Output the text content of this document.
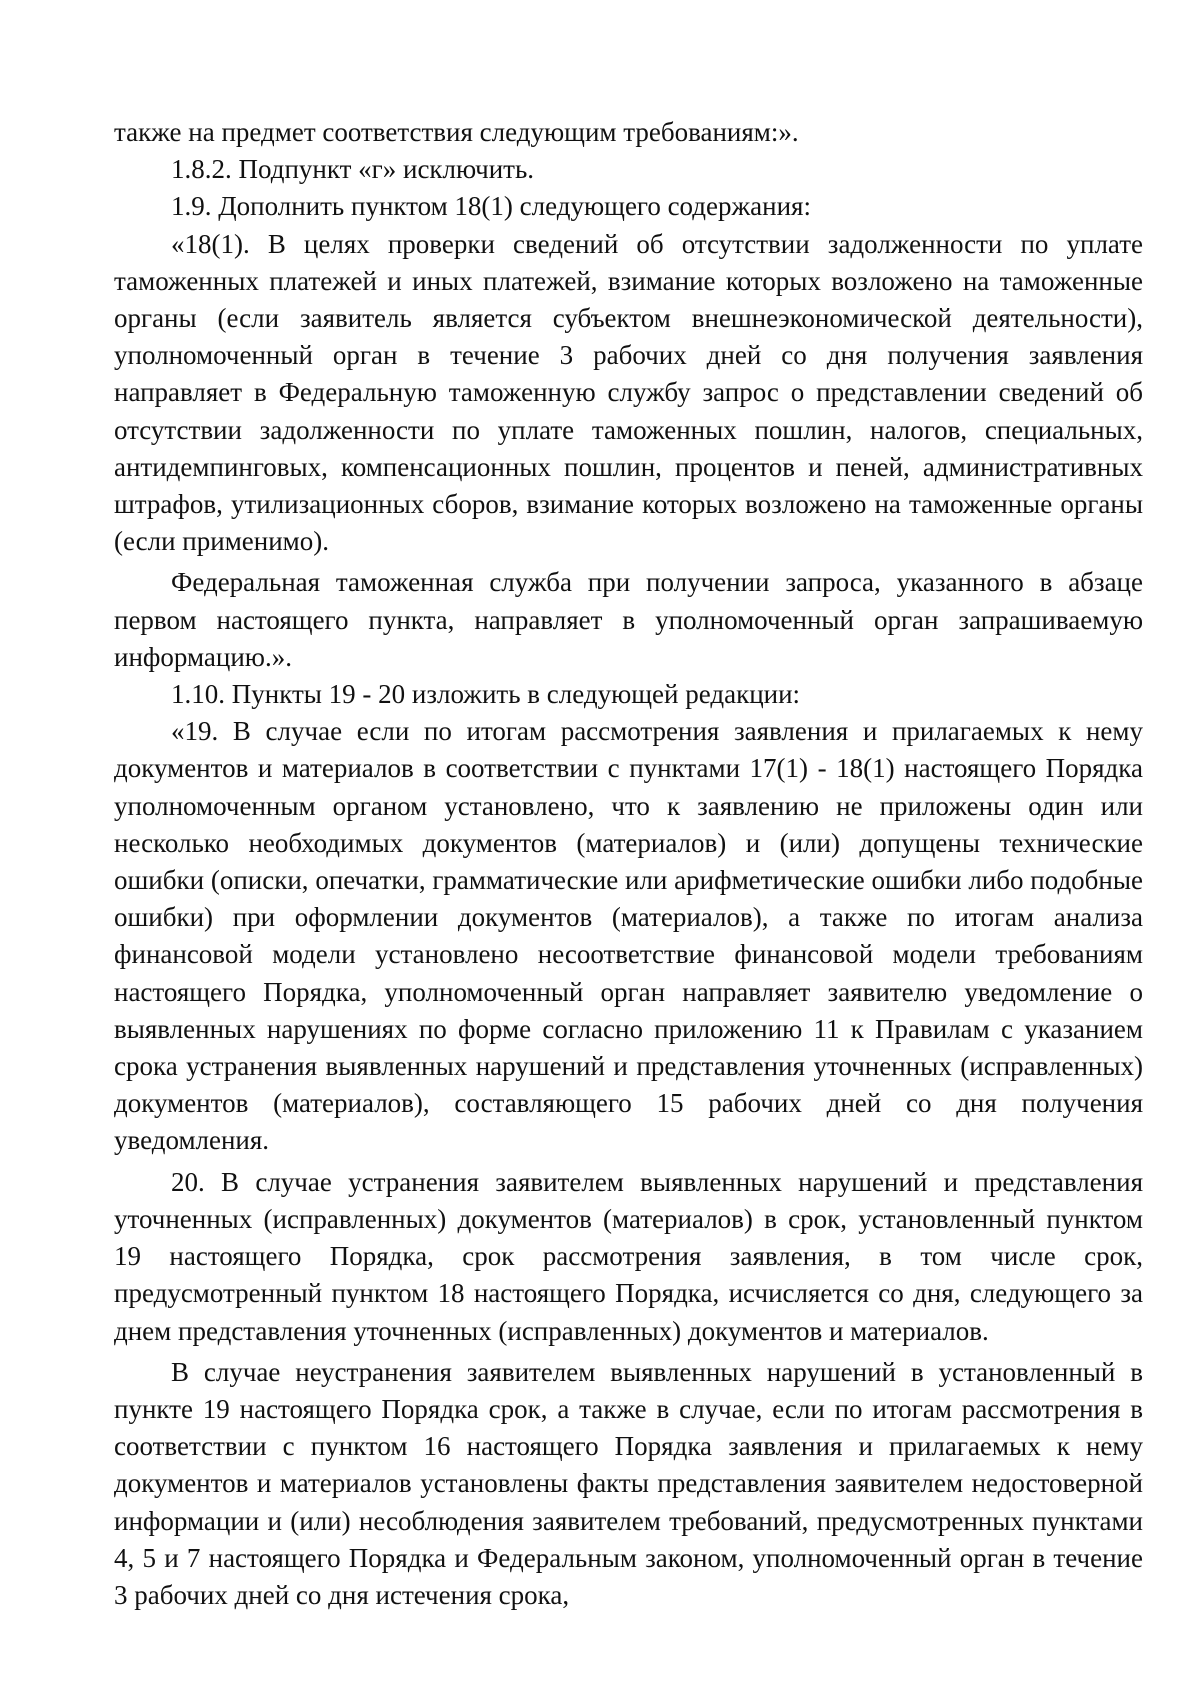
также на предмет соответствия следующим требованиям:».

1.8.2. Подпункт «г» исключить.

1.9. Дополнить пунктом 18(1) следующего содержания:

«18(1). В целях проверки сведений об отсутствии задолженности по уплате таможенных платежей и иных платежей, взимание которых возложено на таможенные органы (если заявитель является субъектом внешнеэкономической деятельности), уполномоченный орган в течение 3 рабочих дней со дня получения заявления направляет в Федеральную таможенную службу запрос о представлении сведений об отсутствии задолженности по уплате таможенных пошлин, налогов, специальных, антидемпинговых, компенсационных пошлин, процентов и пеней, административных штрафов, утилизационных сборов, взимание которых возложено на таможенные органы (если применимо).

Федеральная таможенная служба при получении запроса, указанного в абзаце первом настоящего пункта, направляет в уполномоченный орган запрашиваемую информацию.».

1.10. Пункты 19 - 20 изложить в следующей редакции:

«19. В случае если по итогам рассмотрения заявления и прилагаемых к нему документов и материалов в соответствии с пунктами 17(1) - 18(1) настоящего Порядка уполномоченным органом установлено, что к заявлению не приложены один или несколько необходимых документов (материалов) и (или) допущены технические ошибки (описки, опечатки, грамматические или арифметические ошибки либо подобные ошибки) при оформлении документов (материалов), а также по итогам анализа финансовой модели установлено несоответствие финансовой модели требованиям настоящего Порядка, уполномоченный орган направляет заявителю уведомление о выявленных нарушениях по форме согласно приложению 11 к Правилам с указанием срока устранения выявленных нарушений и представления уточненных (исправленных) документов (материалов), составляющего 15 рабочих дней со дня получения уведомления.

20. В случае устранения заявителем выявленных нарушений и представления уточненных (исправленных) документов (материалов) в срок, установленный пунктом 19 настоящего Порядка, срок рассмотрения заявления, в том числе срок, предусмотренный пунктом 18 настоящего Порядка, исчисляется со дня, следующего за днем представления уточненных (исправленных) документов и материалов.

В случае неустранения заявителем выявленных нарушений в установленный в пункте 19 настоящего Порядка срок, а также в случае, если по итогам рассмотрения в соответствии с пунктом 16 настоящего Порядка заявления и прилагаемых к нему документов и материалов установлены факты представления заявителем недостоверной информации и (или) несоблюдения заявителем требований, предусмотренных пунктами 4, 5 и 7 настоящего Порядка и Федеральным законом, уполномоченный орган в течение 3 рабочих дней со дня истечения срока,
